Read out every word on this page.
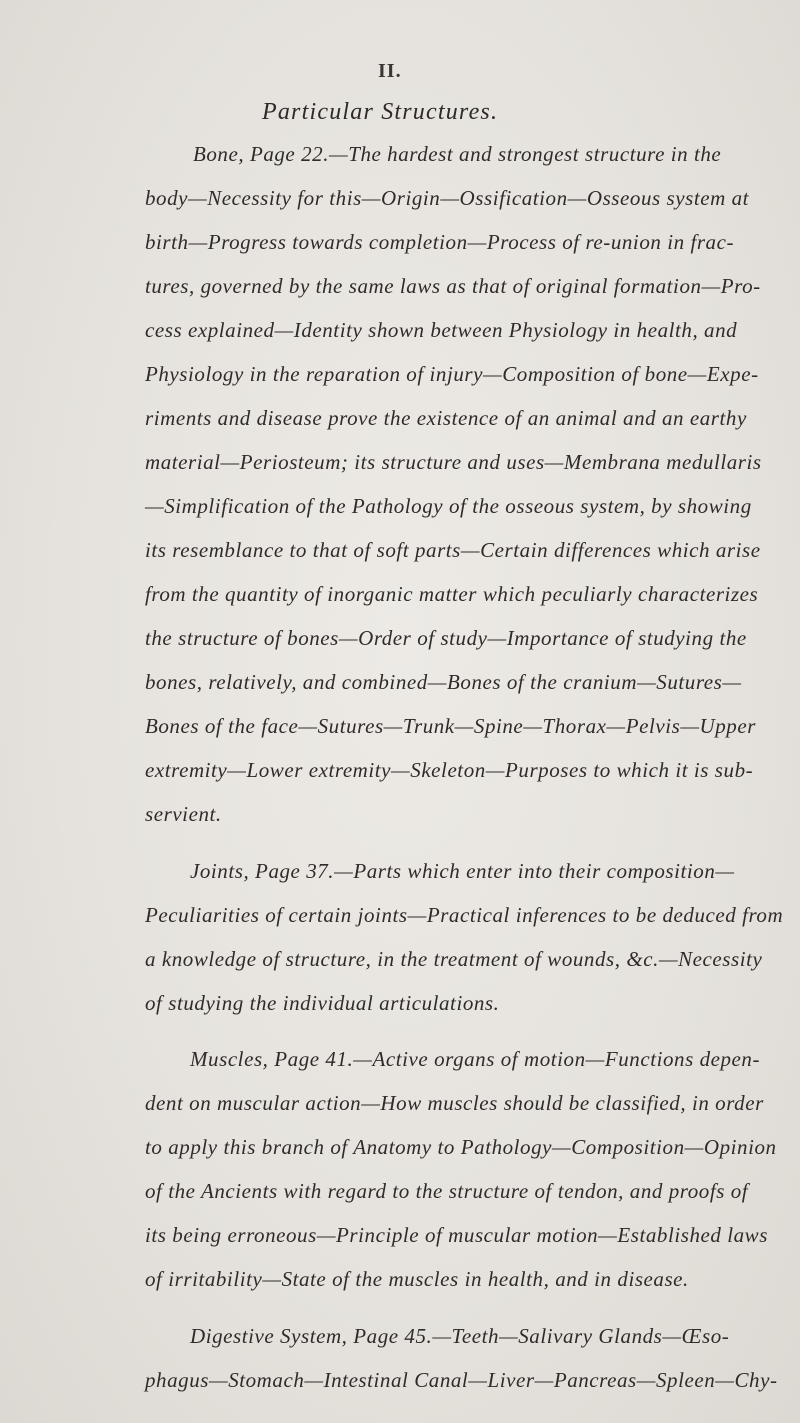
II.
Particular Structures.
Bone, Page 22.—The hardest and strongest structure in the
body—Necessity for this—Origin—Ossification—Osseous system at
birth—Progress towards completion—Process of re-union in frac-
tures, governed by the same laws as that of original formation—Pro-
cess explained—Identity shown between Physiology in health, and
Physiology in the reparation of injury—Composition of bone—Expe-
riments and disease prove the existence of an animal and an earthy
material—Periosteum; its structure and uses—Membrana medullaris
—Simplification of the Pathology of the osseous system, by showing
its resemblance to that of soft parts—Certain differences which arise
from the quantity of inorganic matter which peculiarly characterizes
the structure of bones—Order of study—Importance of studying the
bones, relatively, and combined—Bones of the cranium—Sutures—
Bones of the face—Sutures—Trunk—Spine—Thorax—Pelvis—Upper
extremity—Lower extremity—Skeleton—Purposes to which it is sub-
servient.
Joints, Page 37.—Parts which enter into their composition—
Peculiarities of certain joints—Practical inferences to be deduced from
a knowledge of structure, in the treatment of wounds, &c.—Necessity
of studying the individual articulations.
Muscles, Page 41.—Active organs of motion—Functions depen-
dent on muscular action—How muscles should be classified, in order
to apply this branch of Anatomy to Pathology—Composition—Opinion
of the Ancients with regard to the structure of tendon, and proofs of
its being erroneous—Principle of muscular motion—Established laws
of irritability—State of the muscles in health, and in disease.
Digestive System, Page 45.—Teeth—Salivary Glands—Œso-
phagus—Stomach—Intestinal Canal—Liver—Pancreas—Spleen—Chy-
